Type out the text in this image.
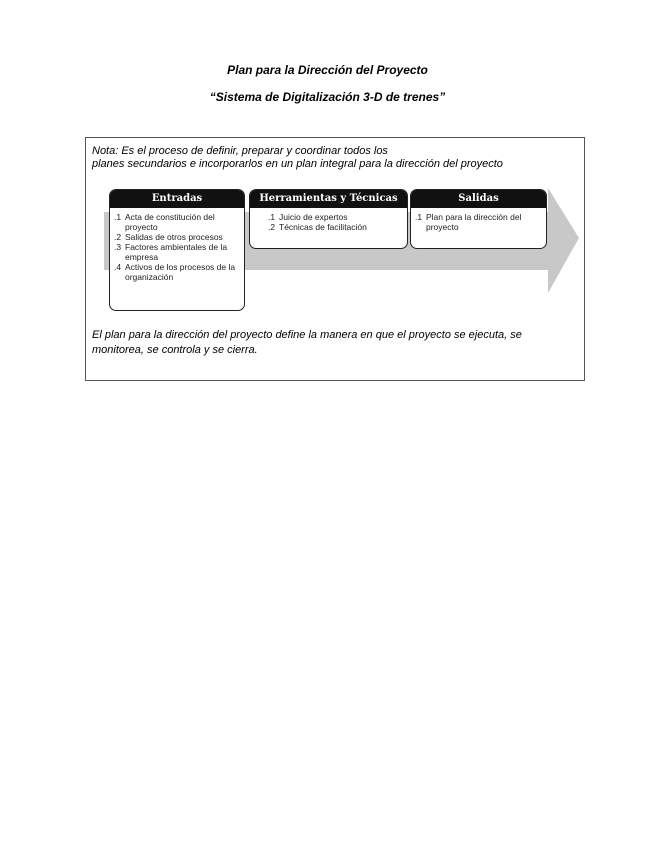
Plan para la Dirección del Proyecto
“Sistema de Digitalización 3-D de trenes”
Nota: Es el proceso de definir, preparar y coordinar todos los
planes secundarios e incorporarlos en un plan integral para la dirección del proyecto
Entradas
.1 Acta de constitución del proyecto
.2 Salidas de otros procesos
.3 Factores ambientales de la empresa
.4 Activos de los procesos de la organización
Herramientas y Técnicas
.1 Juicio de expertos
.2 Técnicas de facilitación
Salidas
.1 Plan para la dirección del proyecto
El plan para la dirección del proyecto define la manera en que el proyecto se ejecuta, se monitorea, se controla y se cierra.
